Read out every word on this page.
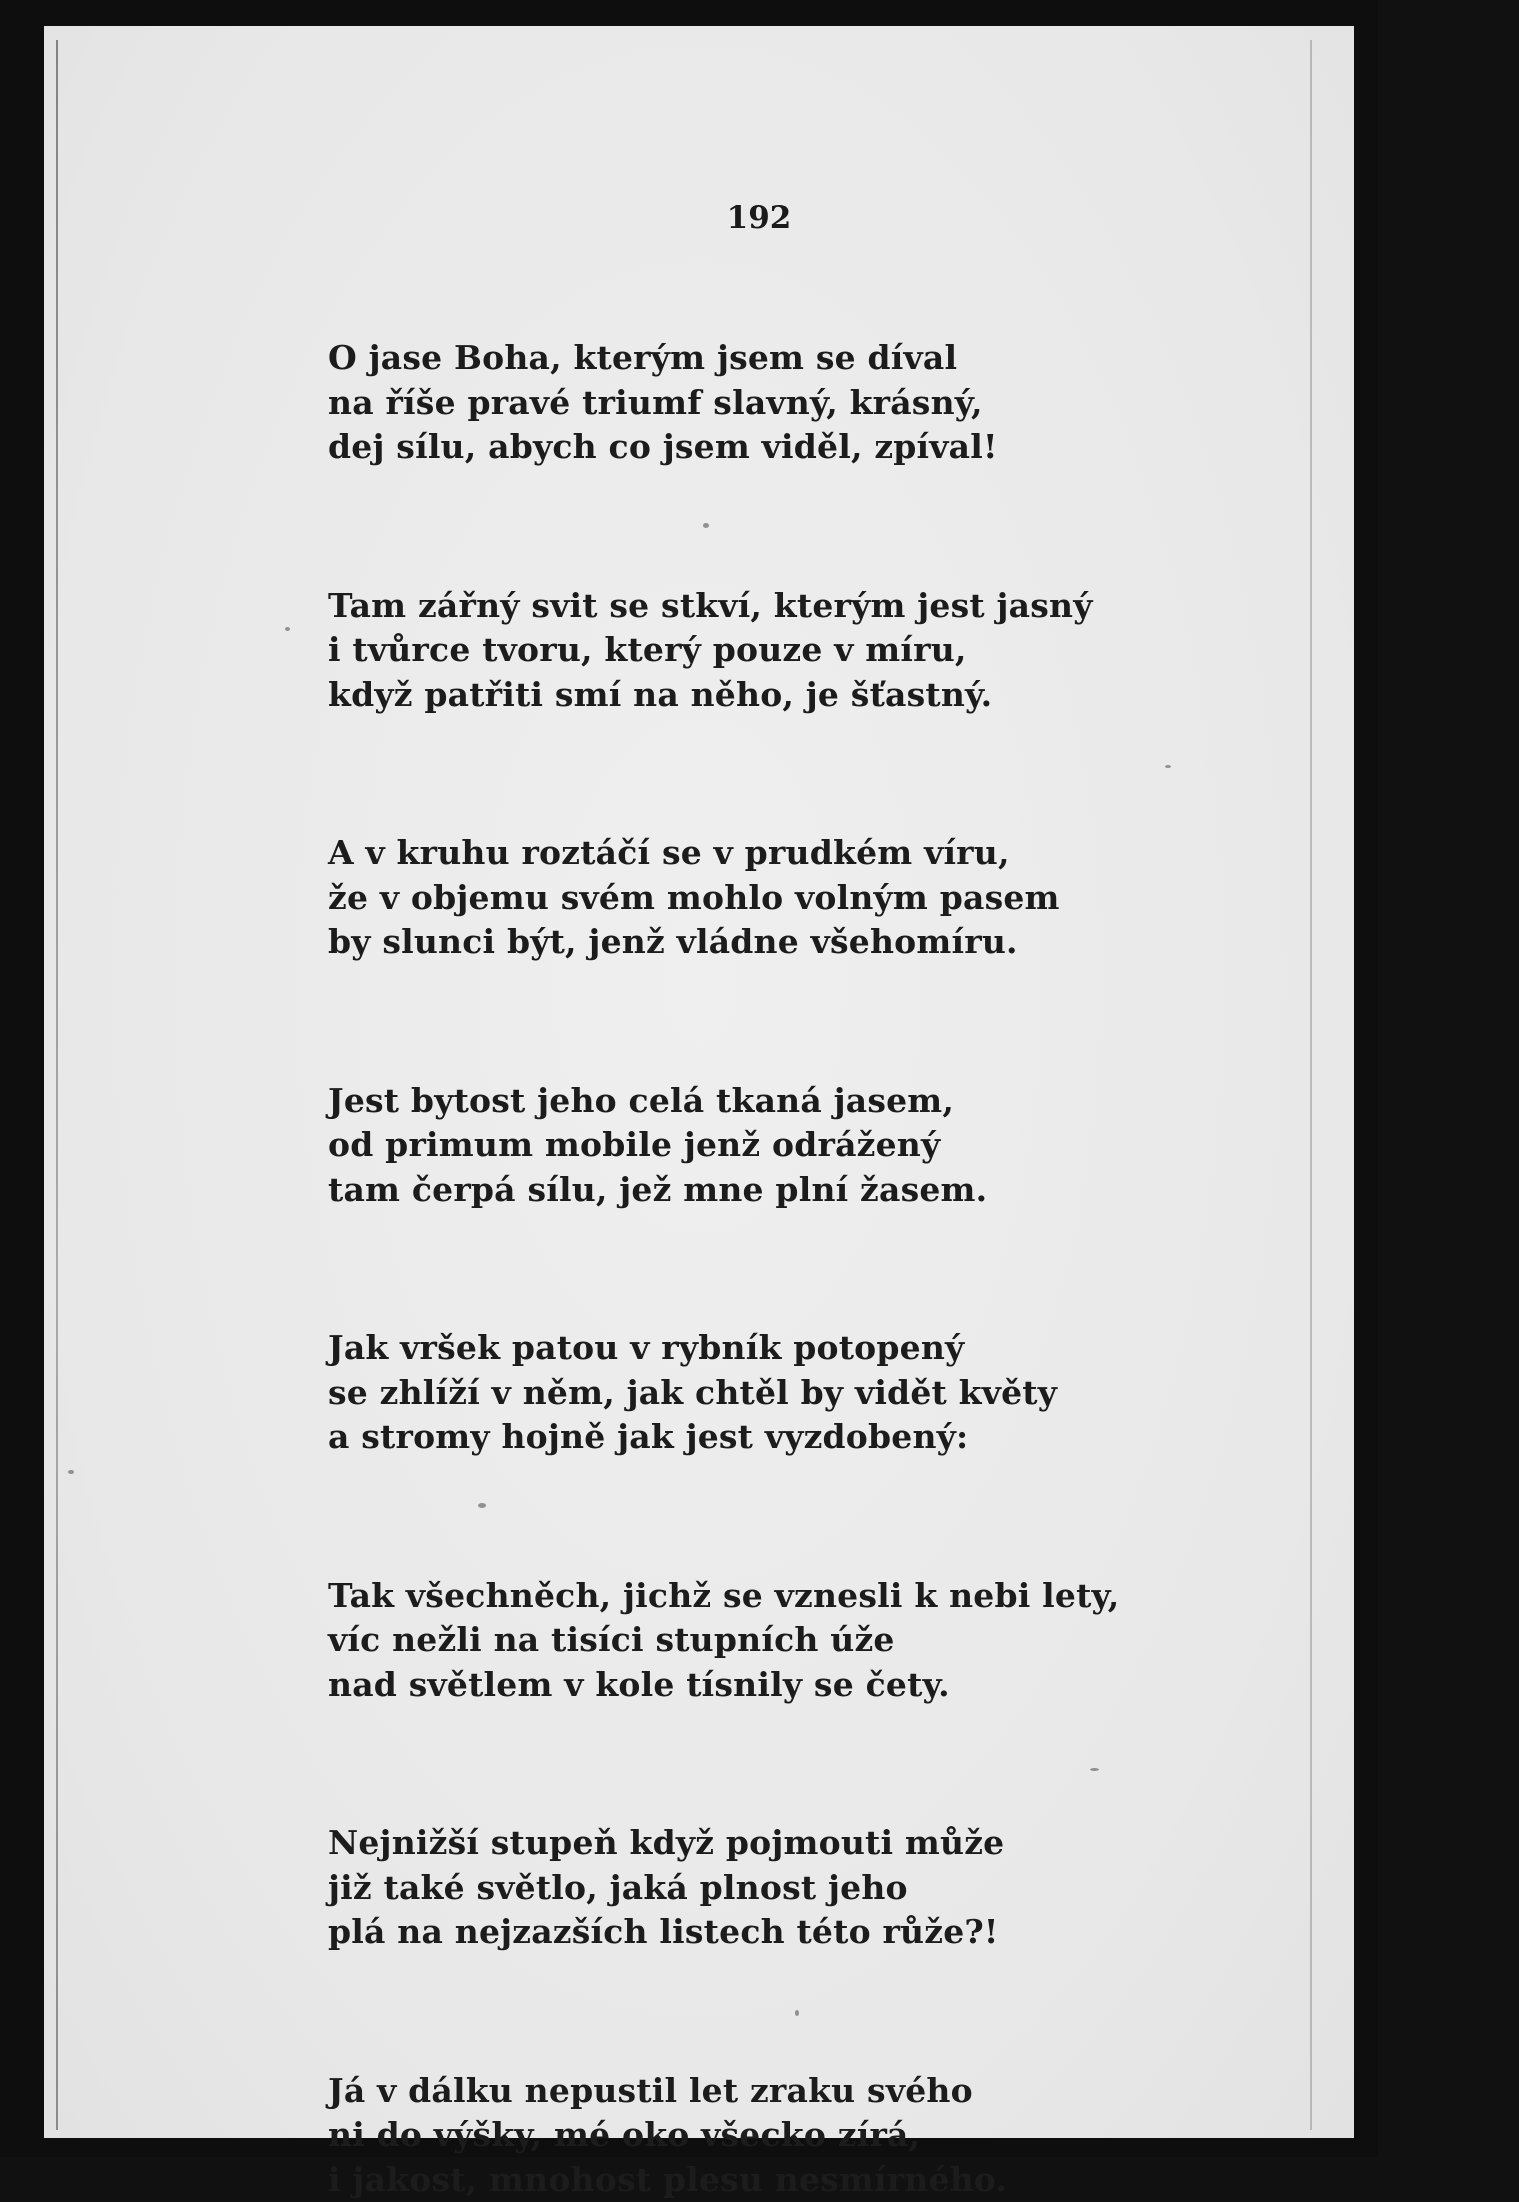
192
O jase Boha, kterým jsem se díval
na říše pravé triumf slavný, krásný,
dej sílu, abych co jsem viděl, zpíval!
Tam zářný svit se stkví, kterým jest jasný
i tvůrce tvoru, který pouze v míru,
když patřiti smí na něho, je šťastný.
A v kruhu roztáčí se v prudkém víru,
že v objemu svém mohlo volným pasem
by slunci být, jenž vládne všehomíru.
Jest bytost jeho celá tkaná jasem,
od primum mobile jenž odrážený
tam čerpá sílu, jež mne plní žasem.
Jak vršek patou v rybník potopený
se zhlíží v něm, jak chtěl by vidět květy
a stromy hojně jak jest vyzdobený:
Tak všechněch, jichž se vznesli k nebi lety,
víc nežli na tisíci stupních úže
nad světlem v kole tísnily se čety.
Nejnižší stupeň když pojmouti může
již také světlo, jaká plnost jeho
plá na nejzazších listech této růže?!
Já v dálku nepustil let zraku svého
ni do výšky, mé oko všecko zírá,
i jakost, mnohost plesu nesmírného.
